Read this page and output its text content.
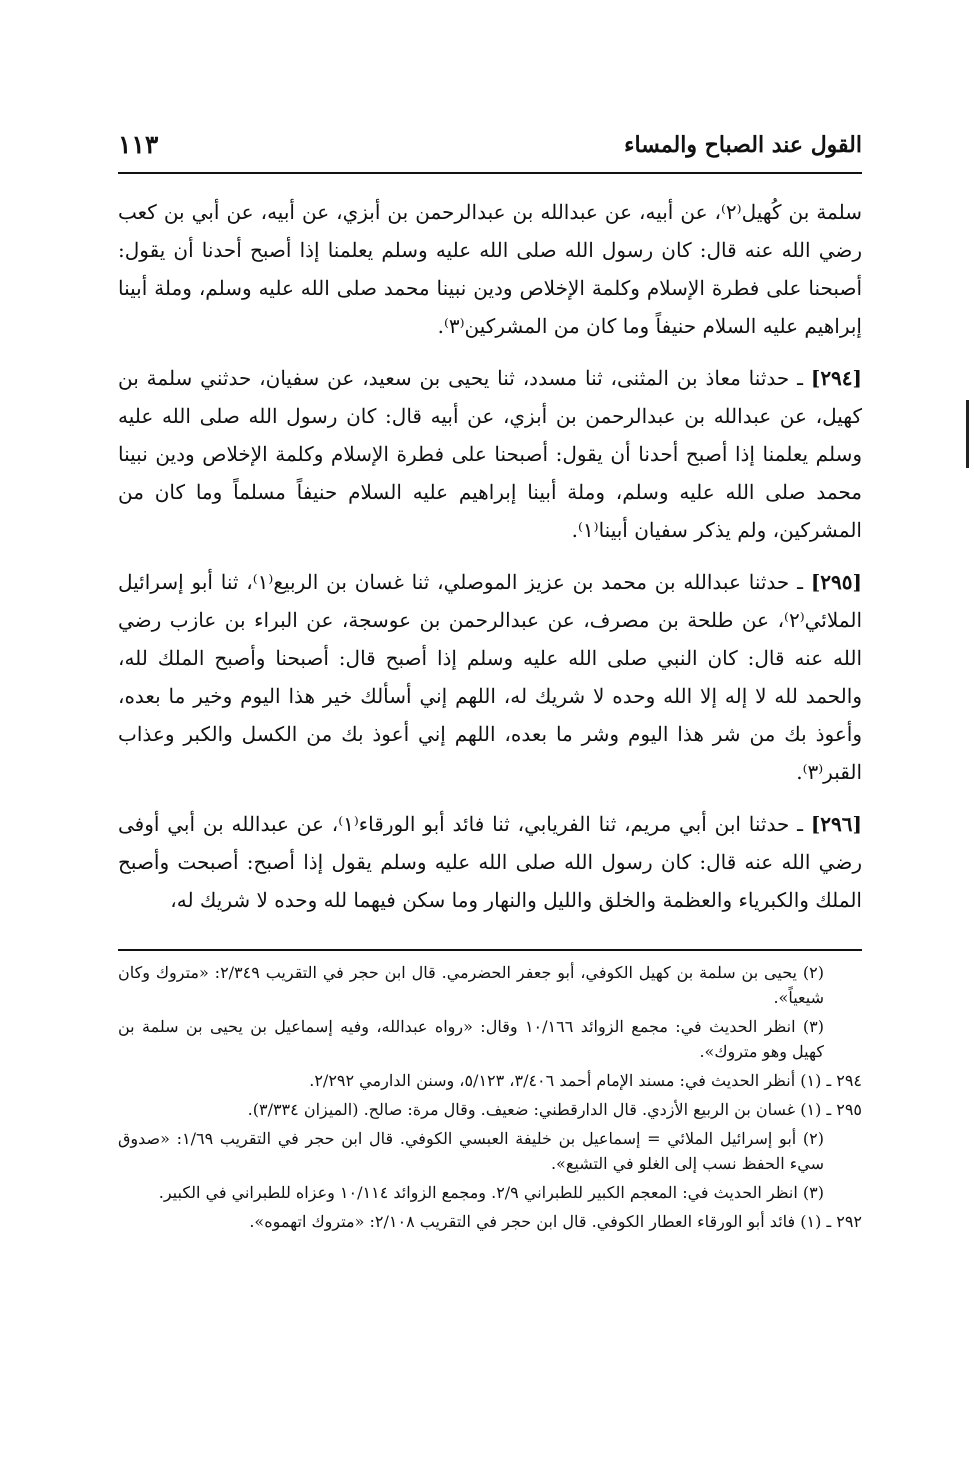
القول عند الصباح والمساء
١١٣

سلمة بن كُهيل⁽٢⁾، عن أبيه، عن عبدالله بن عبدالرحمن بن أبزي، عن أبيه، عن أبي بن كعب رضي الله عنه قال: كان رسول الله صلى الله عليه وسلم يعلمنا إذا أصبح أحدنا أن يقول: أصبحنا على فطرة الإسلام وكلمة الإخلاص ودين نبينا محمد صلى الله عليه وسلم، وملة أبينا إبراهيم عليه السلام حنيفاً وما كان من المشركين⁽٣⁾.

[٢٩٤] ـ حدثنا معاذ بن المثنى، ثنا مسدد، ثنا يحيى بن سعيد، عن سفيان، حدثني سلمة بن كهيل، عن عبدالله بن عبدالرحمن بن أبزي، عن أبيه قال: كان رسول الله صلى الله عليه وسلم يعلمنا إذا أصبح أحدنا أن يقول: أصبحنا على فطرة الإسلام وكلمة الإخلاص ودين نبينا محمد صلى الله عليه وسلم، وملة أبينا إبراهيم عليه السلام حنيفاً مسلماً وما كان من المشركين، ولم يذكر سفيان أبينا⁽١⁾.

[٢٩٥] ـ حدثنا عبدالله بن محمد بن عزيز الموصلي، ثنا غسان بن الربيع⁽١⁾، ثنا أبو إسرائيل الملائي⁽٢⁾، عن طلحة بن مصرف، عن عبدالرحمن بن عوسجة، عن البراء بن عازب رضي الله عنه قال: كان النبي صلى الله عليه وسلم إذا أصبح قال: أصبحنا وأصبح الملك لله، والحمد لله لا إله إلا الله وحده لا شريك له، اللهم إني أسألك خير هذا اليوم وخير ما بعده، وأعوذ بك من شر هذا اليوم وشر ما بعده، اللهم إني أعوذ بك من الكسل والكبر وعذاب القبر⁽٣⁾.

[٢٩٦] ـ حدثنا ابن أبي مريم، ثنا الفريابي، ثنا فائد أبو الورقاء⁽١⁾، عن عبدالله بن أبي أوفى رضي الله عنه قال: كان رسول الله صلى الله عليه وسلم يقول إذا أصبح: أصبحت وأصبح الملك والكبرياء والعظمة والخلق والليل والنهار وما سكن فيهما لله وحده لا شريك له،

(٢) يحيى بن سلمة بن كهيل الكوفي، أبو جعفر الحضرمي. قال ابن حجر في التقريب ٢/٣٤٩: «متروك وكان شيعياً».

(٣) انظر الحديث في: مجمع الزوائد ١٠/١٦٦ وقال: «رواه عبدالله، وفيه إسماعيل بن يحيى بن سلمة بن كهيل وهو متروك».

٢٩٤ ـ (١) أنظر الحديث في: مسند الإمام أحمد ٣/٤٠٦، ٥/١٢٣، وسنن الدارمي ٢/٢٩٢.

٢٩٥ ـ (١) غسان بن الربيع الأزدي. قال الدارقطني: ضعيف. وقال مرة: صالح. (الميزان ٣/٣٣٤).

(٢) أبو إسرائيل الملائي = إسماعيل بن خليفة العبسي الكوفي. قال ابن حجر في التقريب ١/٦٩: «صدوق سيء الحفظ نسب إلى الغلو في التشيع».

(٣) انظر الحديث في: المعجم الكبير للطبراني ٢/٩. ومجمع الزوائد ١٠/١١٤ وعزاه للطبراني في الكبير.

٢٩٢ ـ (١) فائد أبو الورقاء العطار الكوفي. قال ابن حجر في التقريب ٢/١٠٨: «متروك اتهموه».
